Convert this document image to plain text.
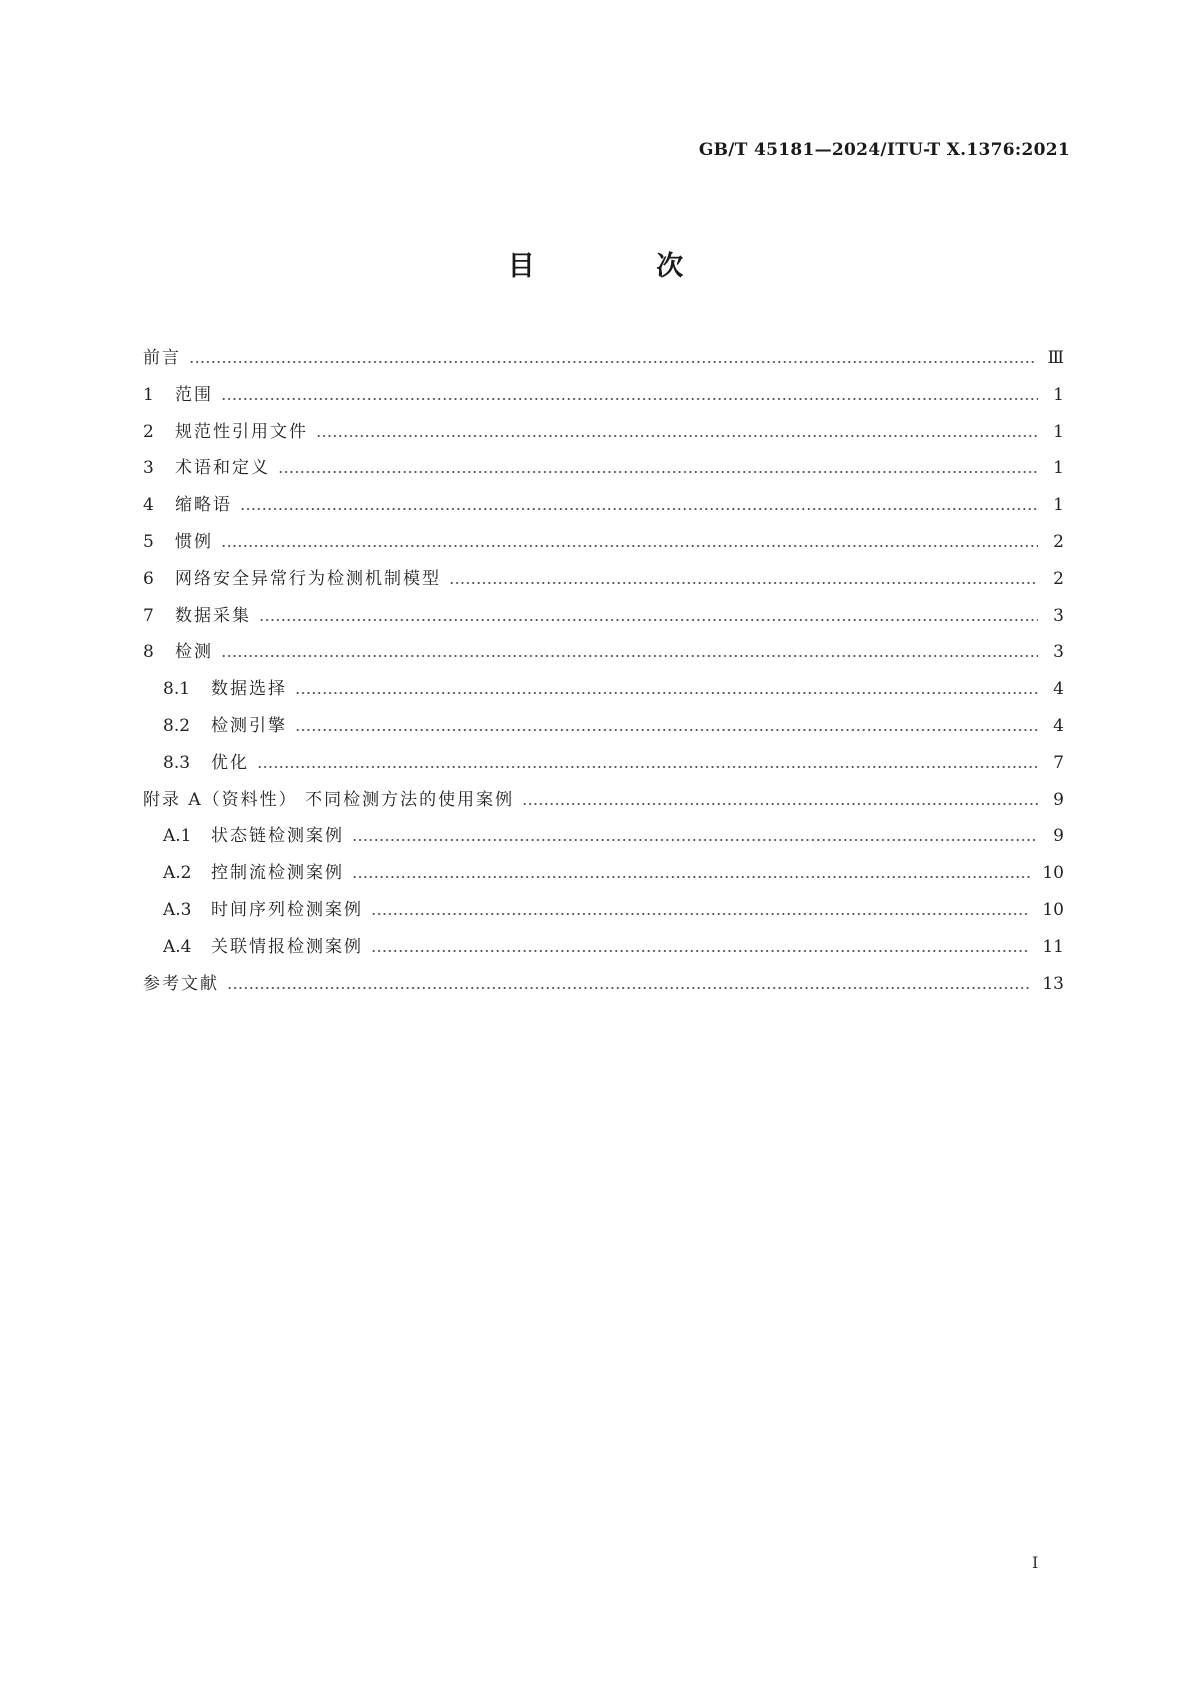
GB/T 45181—2024/ITU-T X.1376:2021
目 次
前言	Ⅲ
1	范围	1
2	规范性引用文件	1
3	术语和定义	1
4	缩略语	1
5	惯例	2
6	网络安全异常行为检测机制模型	2
7	数据采集	3
8	检测	3
8.1	数据选择	4
8.2	检测引擎	4
8.3	优化	7
附录 A（资料性） 不同检测方法的使用案例	9
A.1	状态链检测案例	9
A.2	控制流检测案例	10
A.3	时间序列检测案例	10
A.4	关联情报检测案例	11
参考文献	13
I
